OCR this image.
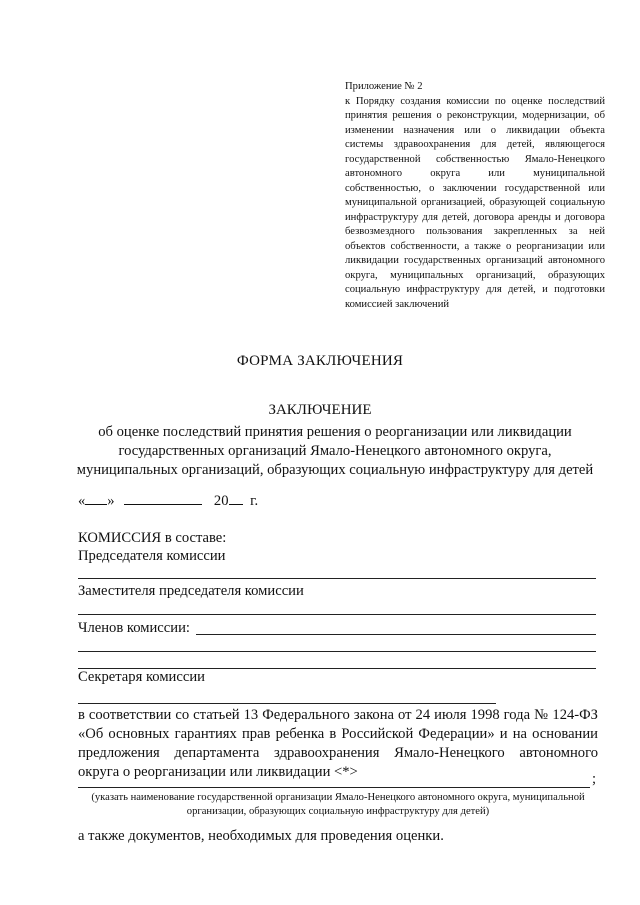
Приложение № 2

к Порядку создания комиссии по оценке последствий принятия решения о реконструкции, модернизации, об изменении назначения или о ликвидации объекта системы здравоохранения для детей, являющегося государственной собственностью Ямало-Ненецкого автономного округа или муниципальной собственностью, о заключении государственной или муниципальной организацией, образующей социальную инфраструктуру для детей, договора аренды и договора безвозмездного пользования закрепленных за ней объектов собственности, а также о реорганизации или ликвидации государственных организаций автономного округа, муниципальных организаций, образующих социальную инфраструктуру для детей, и подготовки комиссией заключений

ФОРМА ЗАКЛЮЧЕНИЯ
ЗАКЛЮЧЕНИЕ
об оценке последствий принятия решения о реорганизации или ликвидации государственных организаций Ямало-Ненецкого автономного округа, муниципальных организаций, образующих социальную инфраструктуру для детей
« »	20 г.
КОМИССИЯ в составе:
Председателя комиссии
Заместителя председателя комиссии
Членов комиссии:
Секретаря комиссии
в соответствии со статьей 13 Федерального закона от 24 июля 1998 года № 124-ФЗ «Об основных гарантиях прав ребенка в Российской Федерации» и на основании предложения департамента здравоохранения Ямало-Ненецкого автономного округа о реорганизации или ликвидации <*>	;
(указать наименование государственной организации Ямало-Ненецкого автономного округа, муниципальной организации, образующих социальную инфраструктуру для детей)
а также документов, необходимых для проведения оценки.
